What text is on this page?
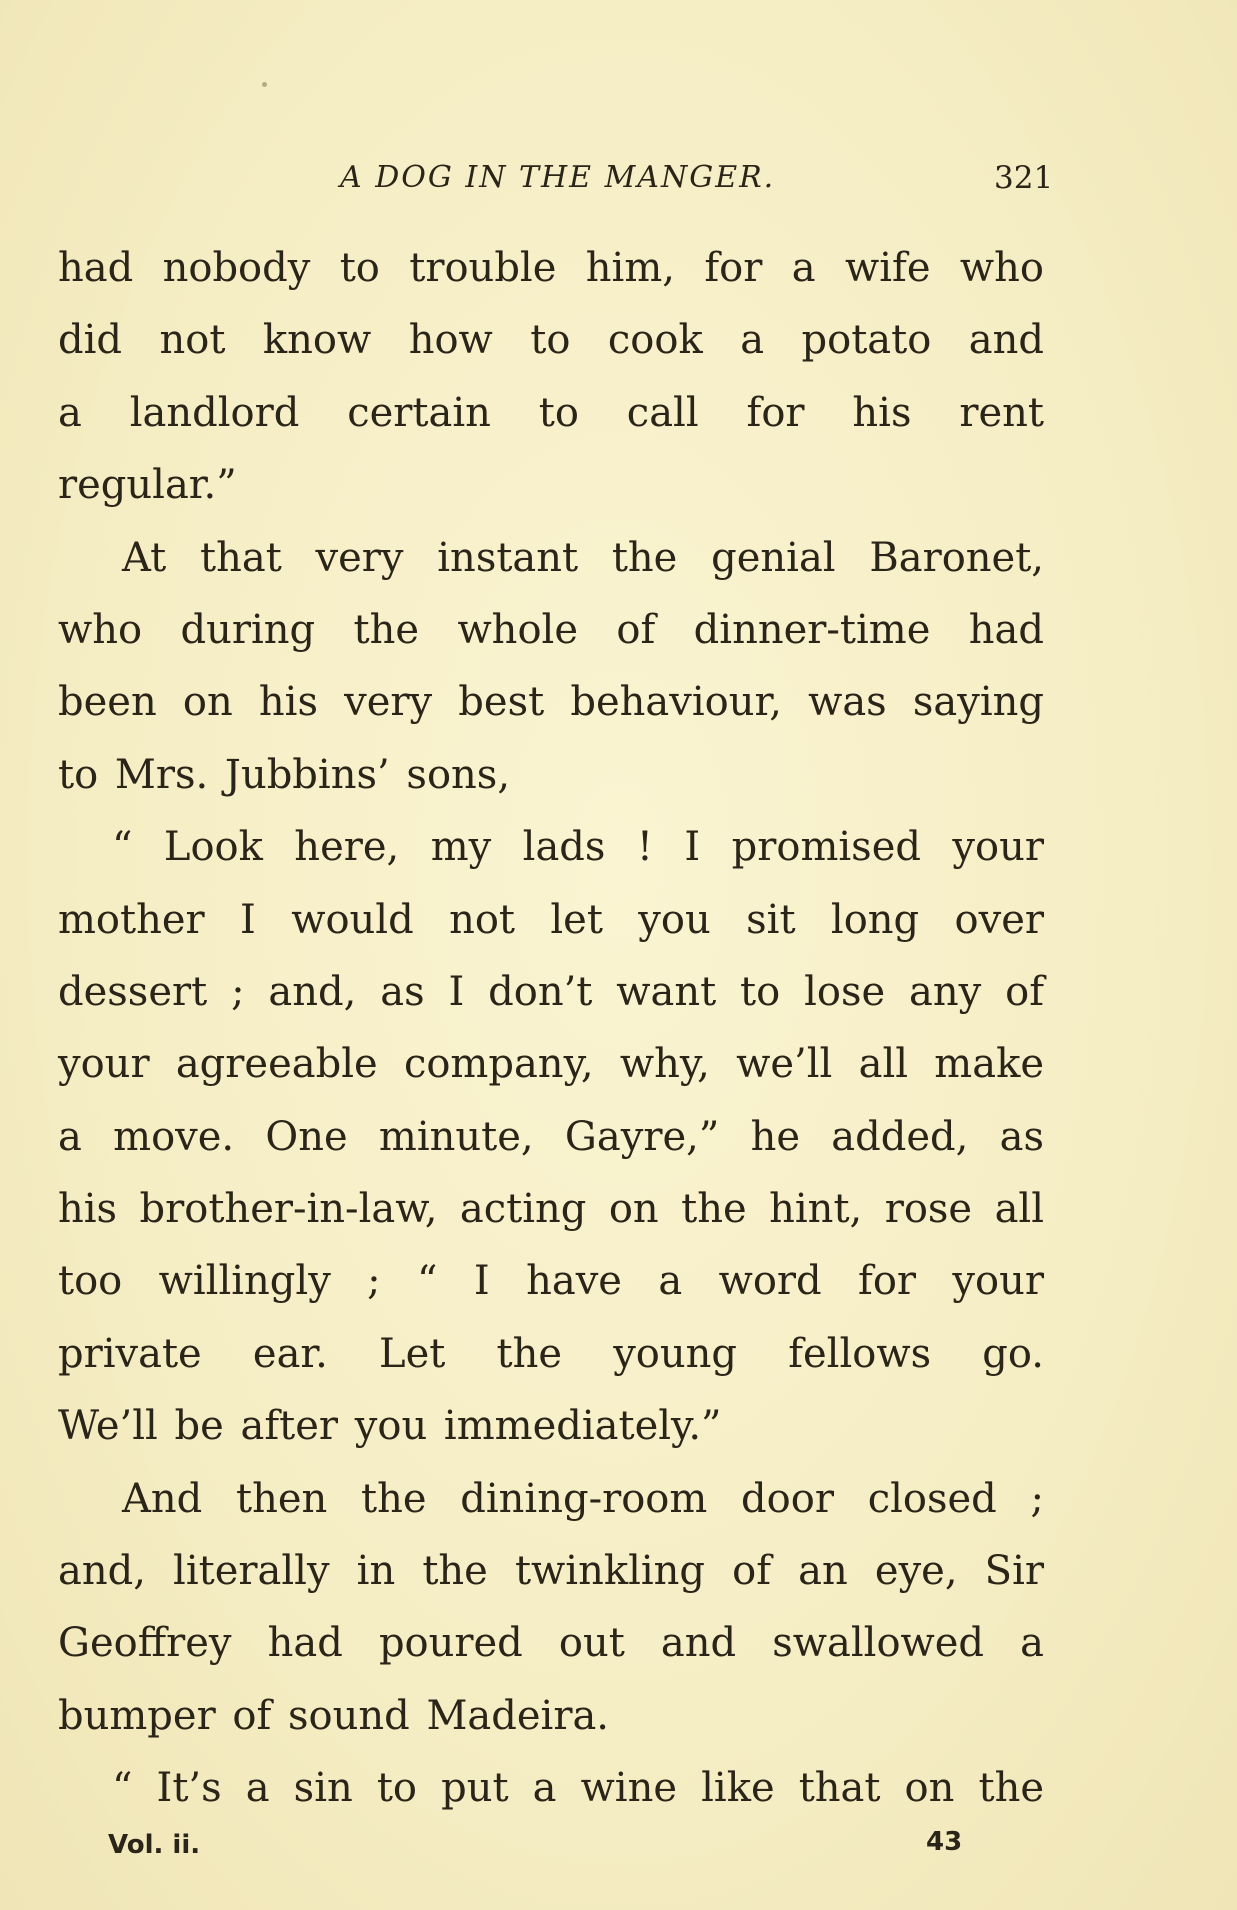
A DOG IN THE MANGER.	321
had nobody to trouble him, for a wife who
did not know how to cook a potato and
a landlord certain to call for his rent
regular.”
At that very instant the genial Baronet,
who during the whole of dinner-time had
been on his very best behaviour, was saying
to Mrs. Jubbins’ sons,
“ Look here, my lads ! I promised your
mother I would not let you sit long over
dessert ; and, as I don’t want to lose any of
your agreeable company, why, we’ll all make
a move. One minute, Gayre,” he added, as
his brother-in-law, acting on the hint, rose all
too willingly ; “ I have a word for your
private ear. Let the young fellows go.
We’ll be after you immediately.”
And then the dining-room door closed ;
and, literally in the twinkling of an eye, Sir
Geoffrey had poured out and swallowed a
bumper of sound Madeira.
“ It’s a sin to put a wine like that on the
Vol. ii.	43
